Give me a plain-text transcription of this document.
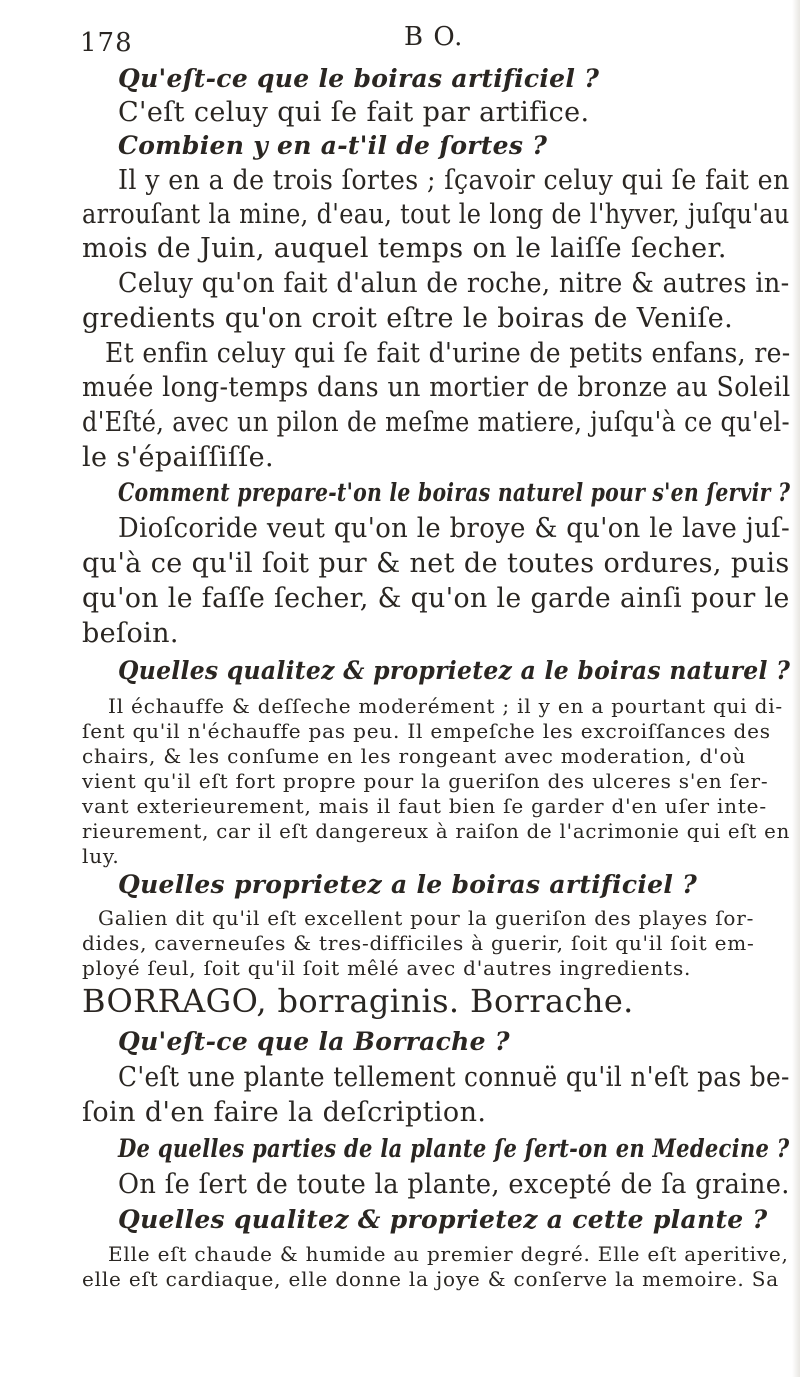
178	B O.
Qu'eſt-ce que le boiras artificiel ?
C'eſt celuy qui ſe fait par artifice.
Combien y en a-t'il de ſortes ?
Il y en a de trois ſortes ; ſçavoir celuy qui ſe fait en
arrouſant la mine, d'eau, tout le long de l'hyver, juſqu'au
mois de Juin, auquel temps on le laiſſe ſecher.
Celuy qu'on fait d'alun de roche, nitre & autres in-
gredients qu'on croit eſtre le boiras de Veniſe.
Et enfin celuy qui ſe fait d'urine de petits enfans, re-
muée long-temps dans un mortier de bronze au Soleil
d'Eſté, avec un pilon de meſme matiere, juſqu'à ce qu'el-
le s'épaiſſiſſe.
Comment prepare-t'on le boiras naturel pour s'en ſervir ?
Dioſcoride veut qu'on le broye & qu'on le lave juſ-
qu'à ce qu'il ſoit pur & net de toutes ordures, puis
qu'on le faſſe ſecher, & qu'on le garde ainſi pour le
beſoin.
Quelles qualitez & proprietez a le boiras naturel ?
Il échauffe & deſſeche moderément ; il y en a pourtant qui di-
ſent qu'il n'échauffe pas peu. Il empeſche les excroiſſances des
chairs, & les conſume en les rongeant avec moderation, d'où
vient qu'il eſt fort propre pour la gueriſon des ulceres s'en ſer-
vant exterieurement, mais il faut bien ſe garder d'en uſer inte-
rieurement, car il eſt dangereux à raiſon de l'acrimonie qui eſt en
luy.
Quelles proprietez a le boiras artificiel ?
Galien dit qu'il eſt excellent pour la gueriſon des playes ſor-
dides, caverneuſes & tres-difficiles à guerir, ſoit qu'il ſoit em-
ployé ſeul, ſoit qu'il ſoit mêlé avec d'autres ingredients.
BORRAGO, borraginis. Borrache.
Qu'eſt-ce que la Borrache ?
C'eſt une plante tellement connuë qu'il n'eſt pas be-
ſoin d'en faire la deſcription.
De quelles parties de la plante ſe ſert-on en Medecine ?
On ſe ſert de toute la plante, excepté de ſa graine.
Quelles qualitez & proprietez a cette plante ?
Elle eſt chaude & humide au premier degré. Elle eſt aperitive,
elle eſt cardiaque, elle donne la joye & conſerve la memoire. Sa
